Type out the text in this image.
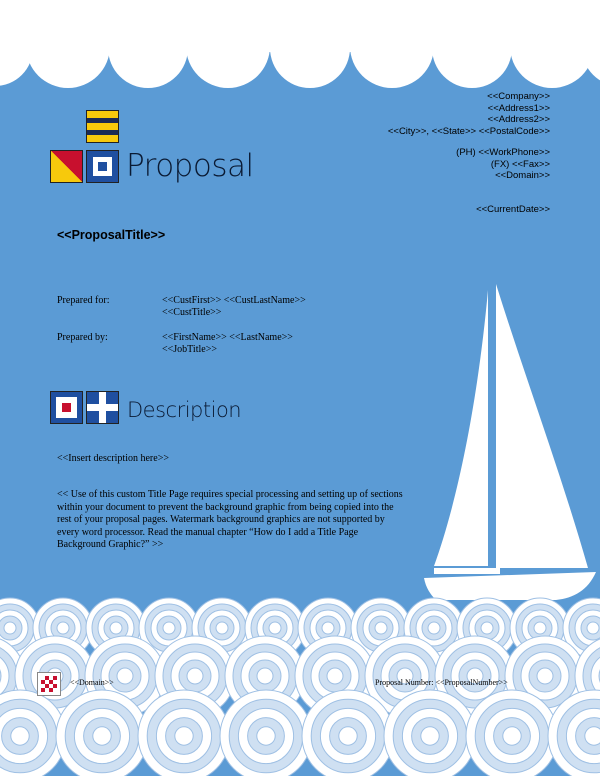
Proposal
<<Company>>
<<Address1>>
<<Address2>>
<<City>>, <<State>> <<PostalCode>>
(PH) <<WorkPhone>>
(FX) <<Fax>>
<<Domain>>
<<CurrentDate>>
<<ProposalTitle>>
Prepared for:	<<CustFirst>> <<CustLastName>>
<<CustTitle>>
Prepared by:	<<FirstName>> <<LastName>>
<<JobTitle>>
Description
<<Insert description here>>
<< Use of this custom Title Page requires special processing and setting up of sections within your document to prevent the background graphic from being copied into the rest of your proposal pages. Watermark background graphics are not supported by every word processor. Read the manual chapter “How do I add a Title Page Background Graphic?” >>
<<Domain>>	Proposal Number: <<ProposalNumber>>
